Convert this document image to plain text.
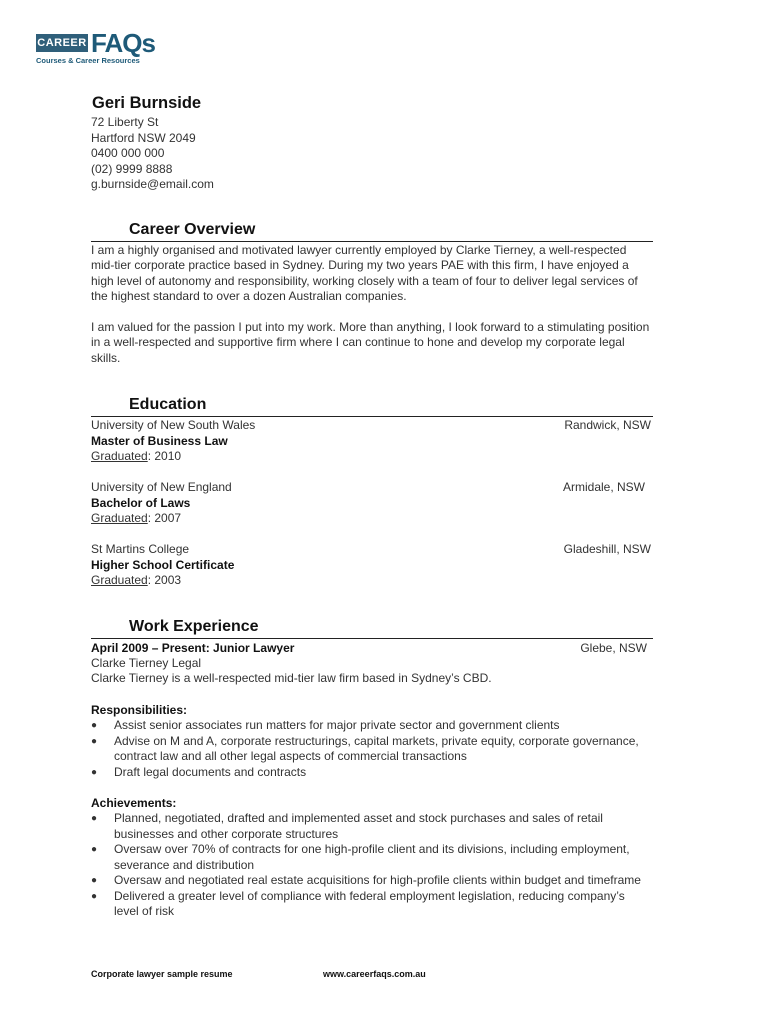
CAREER FAQs
Courses & Career Resources
Geri Burnside
72 Liberty St
Hartford NSW 2049
0400 000 000
(02) 9999 8888
g.burnside@email.com
Career Overview
I am a highly organised and motivated lawyer currently employed by Clarke Tierney, a well-respected mid-tier corporate practice based in Sydney. During my two years PAE with this firm, I have enjoyed a high level of autonomy and responsibility, working closely with a team of four to deliver legal services of the highest standard to over a dozen Australian companies.
I am valued for the passion I put into my work. More than anything, I look forward to a stimulating position in a well-respected and supportive firm where I can continue to hone and develop my corporate legal skills.
Education
University of New South Wales	Randwick, NSW
Master of Business Law
Graduated: 2010
University of New England	Armidale, NSW
Bachelor of Laws
Graduated: 2007
St Martins College	Gladeshill, NSW
Higher School Certificate
Graduated: 2003
Work Experience
April 2009 – Present: Junior Lawyer	Glebe, NSW
Clarke Tierney Legal
Clarke Tierney is a well-respected mid-tier law firm based in Sydney’s CBD.
Responsibilities:
● Assist senior associates run matters for major private sector and government clients
● Advise on M and A, corporate restructurings, capital markets, private equity, corporate governance, contract law and all other legal aspects of commercial transactions
● Draft legal documents and contracts
Achievements:
● Planned, negotiated, drafted and implemented asset and stock purchases and sales of retail businesses and other corporate structures
● Oversaw over 70% of contracts for one high-profile client and its divisions, including employment, severance and distribution
● Oversaw and negotiated real estate acquisitions for high-profile clients within budget and timeframe
● Delivered a greater level of compliance with federal employment legislation, reducing company’s level of risk
Corporate lawyer sample resume	www.careerfaqs.com.au
